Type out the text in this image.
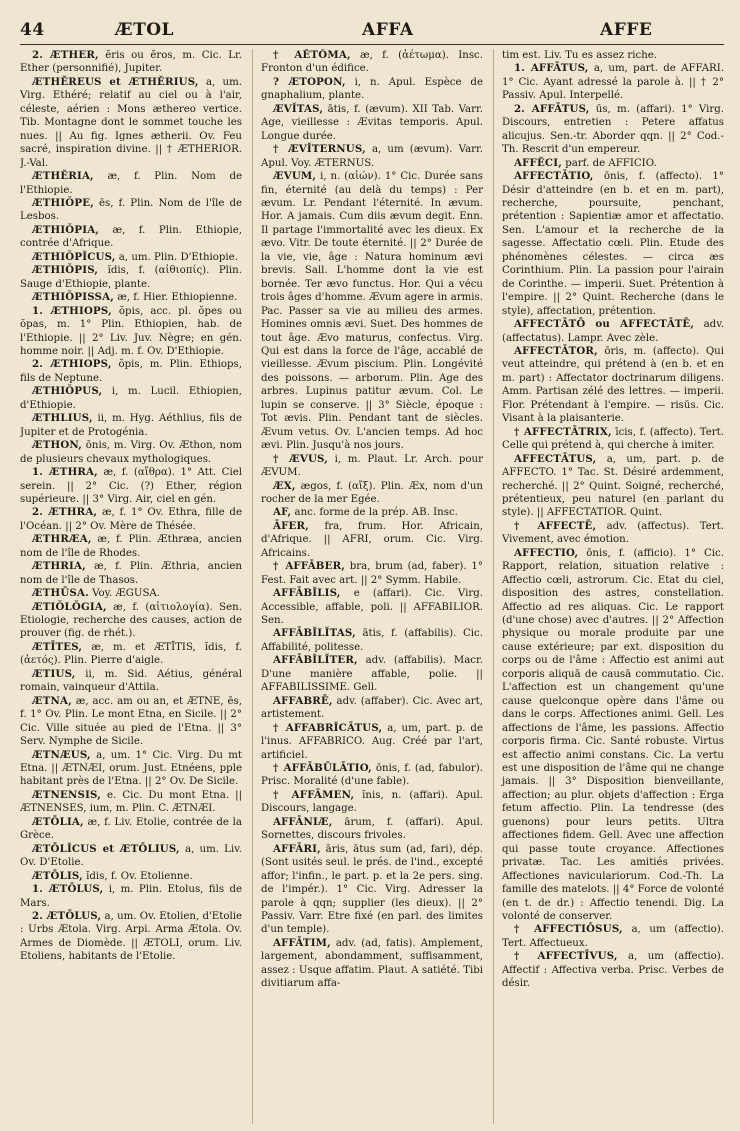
44	ÆTOL	AFFA	AFFE

2. ÆTHER, ĕris ou ĕros, m. Cic. Lr. Ether (personnifié), Jupiter.

ÆTHĔREUS et ÆTHĔRIUS, a, um. Virg. Ethéré; relatif au ciel ou à l'air, céleste, aérien : Mons æthereo vertice. Tib. Montagne dont le sommet touche les nues. || Au fig. Ignes ætherii. Ov. Feu sacré, inspiration divine. || † ÆTHERIOR. J.-Val.

ÆTHĔRIA, æ, f. Plin. Nom de l'Ethiopie.

ÆTHIŎPE, ēs, f. Plin. Nom de l'île de Lesbos.

ÆTHIŎPIA, æ, f. Plin. Ethiopie, contrée d'Afrique.

ÆTHIŎPĬCUS, a, um. Plin. D'Ethiopie.

ÆTHIŎPIS, ĭdis, f. (αἰθιοπίς). Plin. Sauge d'Ethiopie, plante.

ÆTHIŎPISSA, æ, f. Hier. Ethiopienne.

1. ÆTHIOPS, ŏpis, acc. pl. ŏpes ou ŏpas, m. 1° Plin. Ethiopien, hab. de l'Ethiopie. || 2° Liv. Juv. Nègre; en gén. homme noir. || Adj. m. f. Ov. D'Ethiopie.

2. ÆTHIOPS, ŏpis, m. Plin. Ethiops, fils de Neptune.

ÆTHIŎPUS, i, m. Lucil. Ethiopien, d'Ethiopie.

ÆTHLIUS, ii, m. Hyg. Aéthlius, fils de Jupiter et de Protogénia.

ÆTHON, ōnis, m. Virg. Ov. Æthon, nom de plusieurs chevaux mythologiques.

1. ÆTHRA, æ, f. (αἴθρα). 1° Att. Ciel serein. || 2° Cic. (?) Ether, région supérieure. || 3° Virg. Air, ciel en gén.

2. ÆTHRA, æ, f. 1° Ov. Ethra, fille de l'Océan. || 2° Ov. Mère de Thésée.

ÆTHRÆA, æ, f. Plin. Æthræa, ancien nom de l'île de Rhodes.

ÆTHRIA, æ, f. Plin. Æthria, ancien nom de l'île de Thasos.

ÆTHŪSA. Voy. ÆGUSA.

ÆTIŎLŎGIA, æ, f. (αἰτιολογία). Sen. Etiologie, recherche des causes, action de prouver (fig. de rhét.).

ÆTĪTES, æ, m. et ÆTĪTIS, ĭdis, f. (ἀετός). Plin. Pierre d'aigle.

ÆTIUS, ii, m. Sid. Aétius, général romain, vainqueur d'Attila.

ÆTNA, æ, acc. am ou an, et ÆTNE, ēs, f. 1° Ov. Plin. Le mont Etna, en Sicile. || 2° Cic. Ville située au pied de l'Etna. || 3° Serv. Nymphe de Sicile.

ÆTNÆUS, a, um. 1° Cic. Virg. Du mt Etna. || ÆTNÆI, orum. Just. Etnéens, pple habitant près de l'Etna. || 2° Ov. De Sicile.

ÆTNENSIS, e. Cic. Du mont Etna. || ÆTNENSES, ium, m. Plin. C. ÆTNÆI.

ÆTŌLIA, æ, f. Liv. Etolie, contrée de la Grèce.

ÆTŌLĬCUS et ÆTŌLIUS, a, um. Liv. Ov. D'Etolie.

ÆTŌLIS, ĭdis, f. Ov. Etolienne.

1. ÆTŌLUS, i, m. Plin. Etolus, fils de Mars.

2. ÆTŌLUS, a, um. Ov. Etolien, d'Etolie : Urbs Ætola. Virg. Arpi. Arma Ætola. Ov. Armes de Diomède. || ÆTOLI, orum. Liv. Etoliens, habitants de l'Etolie.

† AĔTŌMA, æ, f. (ἀέτωμα). Insc. Fronton d'un édifice.

? ÆTOPON, i, n. Apul. Espèce de gnaphalium, plante.

ÆVĬTAS, ātis, f. (ævum). XII Tab. Varr. Age, vieillesse : Ævitas temporis. Apul. Longue durée.

† ÆVĬTERNUS, a, um (ævum). Varr. Apul. Voy. ÆTERNUS.

ÆVUM, i, n. (αἰών). 1° Cic. Durée sans fin, éternité (au delà du temps) : Per ævum. Lr. Pendant l'éternité. In ævum. Hor. A jamais. Cum diis ævum degit. Enn. Il partage l'immortalité avec les dieux. Ex ævo. Vitr. De toute éternité. || 2° Durée de la vie, vie, âge : Natura hominum ævi brevis. Sall. L'homme dont la vie est bornée. Ter ævo functus. Hor. Qui a vécu trois âges d'homme. Ævum agere in armis. Pac. Passer sa vie au milieu des armes. Homines omnis ævi. Suet. Des hommes de tout âge. Ævo maturus, confectus. Virg. Qui est dans la force de l'âge, accablé de vieillesse. Ævum piscium. Plin. Longévité des poissons. — arborum. Plin. Age des arbres. Lupinus patitur ævum. Col. Le lupin se conserve. || 3° Siècle, époque : Tot ævis. Plin. Pendant tant de siècles. Ævum vetus. Ov. L'ancien temps. Ad hoc ævi. Plin. Jusqu'à nos jours.

† ÆVUS, i, m. Plaut. Lr. Arch. pour ÆVUM.

ÆX, ægos, f. (αἴξ). Plin. Æx, nom d'un rocher de la mer Egée.

AF, anc. forme de la prép. AB. Insc.

ĀFER, fra, frum. Hor. Africain, d'Afrique. || AFRI, orum. Cic. Virg. Africains.

† AFFĀBER, bra, brum (ad, faber). 1° Fest. Fait avec art. || 2° Symm. Habile.

AFFĀBĬLIS, e (affari). Cic. Virg. Accessible, affable, poli. || AFFABILIOR. Sen.

AFFĀBĬLĬTAS, ātis, f. (affabilis). Cic. Affabilité, politesse.

AFFĀBĬLĬTER, adv. (affabilis). Macr. D'une manière affable, polie. || AFFABILISSIME. Gell.

AFFABRĒ, adv. (affaber). Cic. Avec art, artistement.

† AFFABRĬCĀTUS, a, um, part. p. de l'inus. AFFABRICO. Aug. Créé par l'art, artificiel.

† AFFĀBŪLĀTIO, ōnis, f. (ad, fabulor). Prisc. Moralité (d'une fable).

† AFFĀMEN, ĭnis, n. (affari). Apul. Discours, langage.

AFFĀNIÆ, ārum, f. (affari). Apul. Sornettes, discours frivoles.

AFFĀRI, āris, ātus sum (ad, fari), dép. (Sont usités seul. le prés. de l'ind., excepté affor; l'infin., le part. p. et la 2e pers. sing. de l'impér.). 1° Cic. Virg. Adresser la parole à qqn; supplier (les dieux). || 2° Passiv. Varr. Etre fixé (en parl. des limites d'un temple).

AFFĀTIM, adv. (ad, fatis). Amplement, largement, abondamment, suffisamment, assez : Usque affatim. Plaut. A satiété. Tibi divitiarum affa-

tim est. Liv. Tu es assez riche.

1. AFFĀTUS, a, um, part. de AFFARI. 1° Cic. Ayant adressé la parole à. || † 2° Passiv. Apul. Interpellé.

2. AFFĀTUS, ūs, m. (affari). 1° Virg. Discours, entretien : Petere affatus alicujus. Sen.-tr. Aborder qqn. || 2° Cod.-Th. Rescrit d'un empereur.

AFFĔCI, parf. de AFFICIO.

AFFECTĀTIO, ōnis, f. (affecto). 1° Désir d'atteindre (en b. et en m. part), recherche, poursuite, penchant, prétention : Sapientiæ amor et affectatio. Sen. L'amour et la recherche de la sagesse. Affectatio cœli. Plin. Etude des phénomènes célestes. — circa æs Corinthium. Plin. La passion pour l'airain de Corinthe. — imperii. Suet. Prétention à l'empire. || 2° Quint. Recherche (dans le style), affectation, prétention.

AFFECTĀTŌ ou AFFECTĀTĒ, adv. (affectatus). Lampr. Avec zèle.

AFFECTĀTOR, ōris, m. (affecto). Qui veut atteindre, qui prétend à (en b. et en m. part) : Affectator doctrinarum diligens. Amm. Partisan zélé des lettres. — imperii. Flor. Prétendant à l'empire. — risūs. Cic. Visant à la plaisanterie.

† AFFECTĀTRIX, īcis, f. (affecto). Tert. Celle qui prétend à, qui cherche à imiter.

AFFECTĀTUS, a, um, part. p. de AFFECTO. 1° Tac. St. Désiré ardemment, recherché. || 2° Quint. Soigné, recherché, prétentieux, peu naturel (en parlant du style). || AFFECTATIOR. Quint.

† AFFECTĒ, adv. (affectus). Tert. Vivement, avec émotion.

AFFECTIO, ōnis, f. (afficio). 1° Cic. Rapport, relation, situation relative : Affectio cœli, astrorum. Cic. Etat du ciel, disposition des astres, constellation. Affectio ad res aliquas. Cic. Le rapport (d'une chose) avec d'autres. || 2° Affection physique ou morale produite par une cause extérieure; par ext. disposition du corps ou de l'âme : Affectio est animi aut corporis aliquā de causā commutatio. Cic. L'affection est un changement qu'une cause quelconque opère dans l'âme ou dans le corps. Affectiones animi. Gell. Les affections de l'âme, les passions. Affectio corporis firma. Cic. Santé robuste. Virtus est affectio animi constans. Cic. La vertu est une disposition de l'âme qui ne change jamais. || 3° Disposition bienveillante, affection; au plur. objets d'affection : Erga fetum affectio. Plin. La tendresse (des guenons) pour leurs petits. Ultra affectiones fidem. Gell. Avec une affection qui passe toute croyance. Affectiones privatæ. Tac. Les amitiés privées. Affectiones naviculariorum. Cod.-Th. La famille des matelots. || 4° Force de volonté (en t. de dr.) : Affectio tenendi. Dig. La volonté de conserver.

† AFFECTIŌSUS, a, um (affectio). Tert. Affectueux.

† AFFECTĪVUS, a, um (affectio). Affectif : Affectiva verba. Prisc. Verbes de désir.
